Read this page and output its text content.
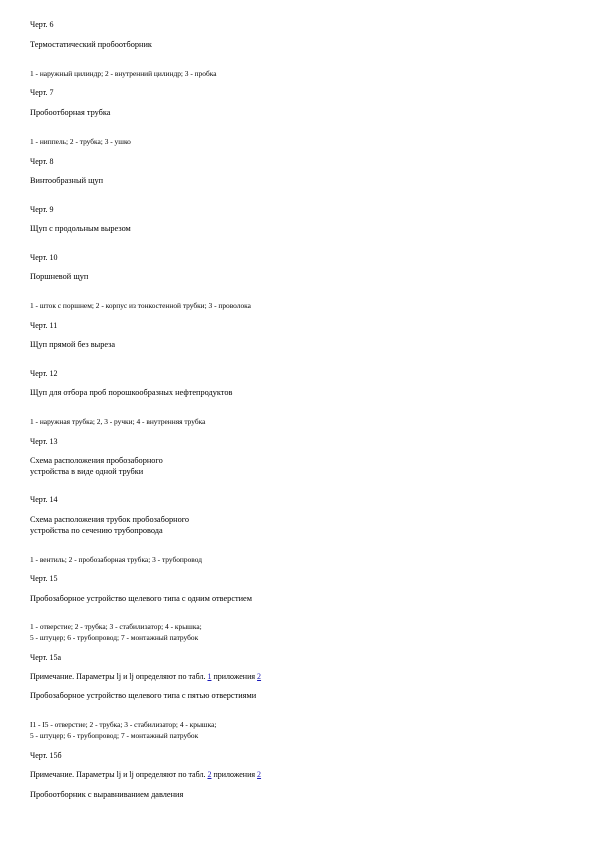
Черт. 6
Термостатический пробоотборник
1 - наружный цилиндр; 2 - внутренний цилиндр; 3 - пробка
Черт. 7
Пробоотборная трубка
1 - ниппель; 2 - трубка; 3 - ушко
Черт. 8
Винтообразный щуп
Черт. 9
Щуп с продольным вырезом
Черт. 10
Поршневой щуп
1 - шток с поршнем; 2 - корпус из тонкостенной трубки; 3 - проволока
Черт. 11
Щуп прямой без выреза
Черт. 12
Щуп для отбора проб порошкообразных нефтепродуктов
1 - наружная трубка; 2, 3 - ручки; 4 - внутренняя трубка
Черт. 13
Схема расположения пробозаборного
устройства в виде одной трубки
Черт. 14
Схема расположения трубок пробозаборного
устройства по сечению трубопровода
1 - вентиль; 2 - пробозаборная трубка; 3 - трубопровод
Черт. 15
Пробозаборное устройство щелевого типа с одним отверстием
1 - отверстие; 2 - трубка; 3 - стабилизатор; 4 - крышка;
5 - штуцер; 6 - трубопровод; 7 - монтажный патрубок
Черт. 15а
Примечание. Параметры lj и lj определяют по табл. 1 приложения 2
Пробозаборное устройство щелевого типа с пятью отверстиями
I1 - I5 - отверстие; 2 - трубка; 3 - стабилизатор; 4 - крышка;
5 - штуцер; 6 - трубопровод; 7 - монтажный патрубок
Черт. 15б
Примечание. Параметры lj и lj определяют по табл. 2 приложения 2
Пробоотборник с выравниванием давления
